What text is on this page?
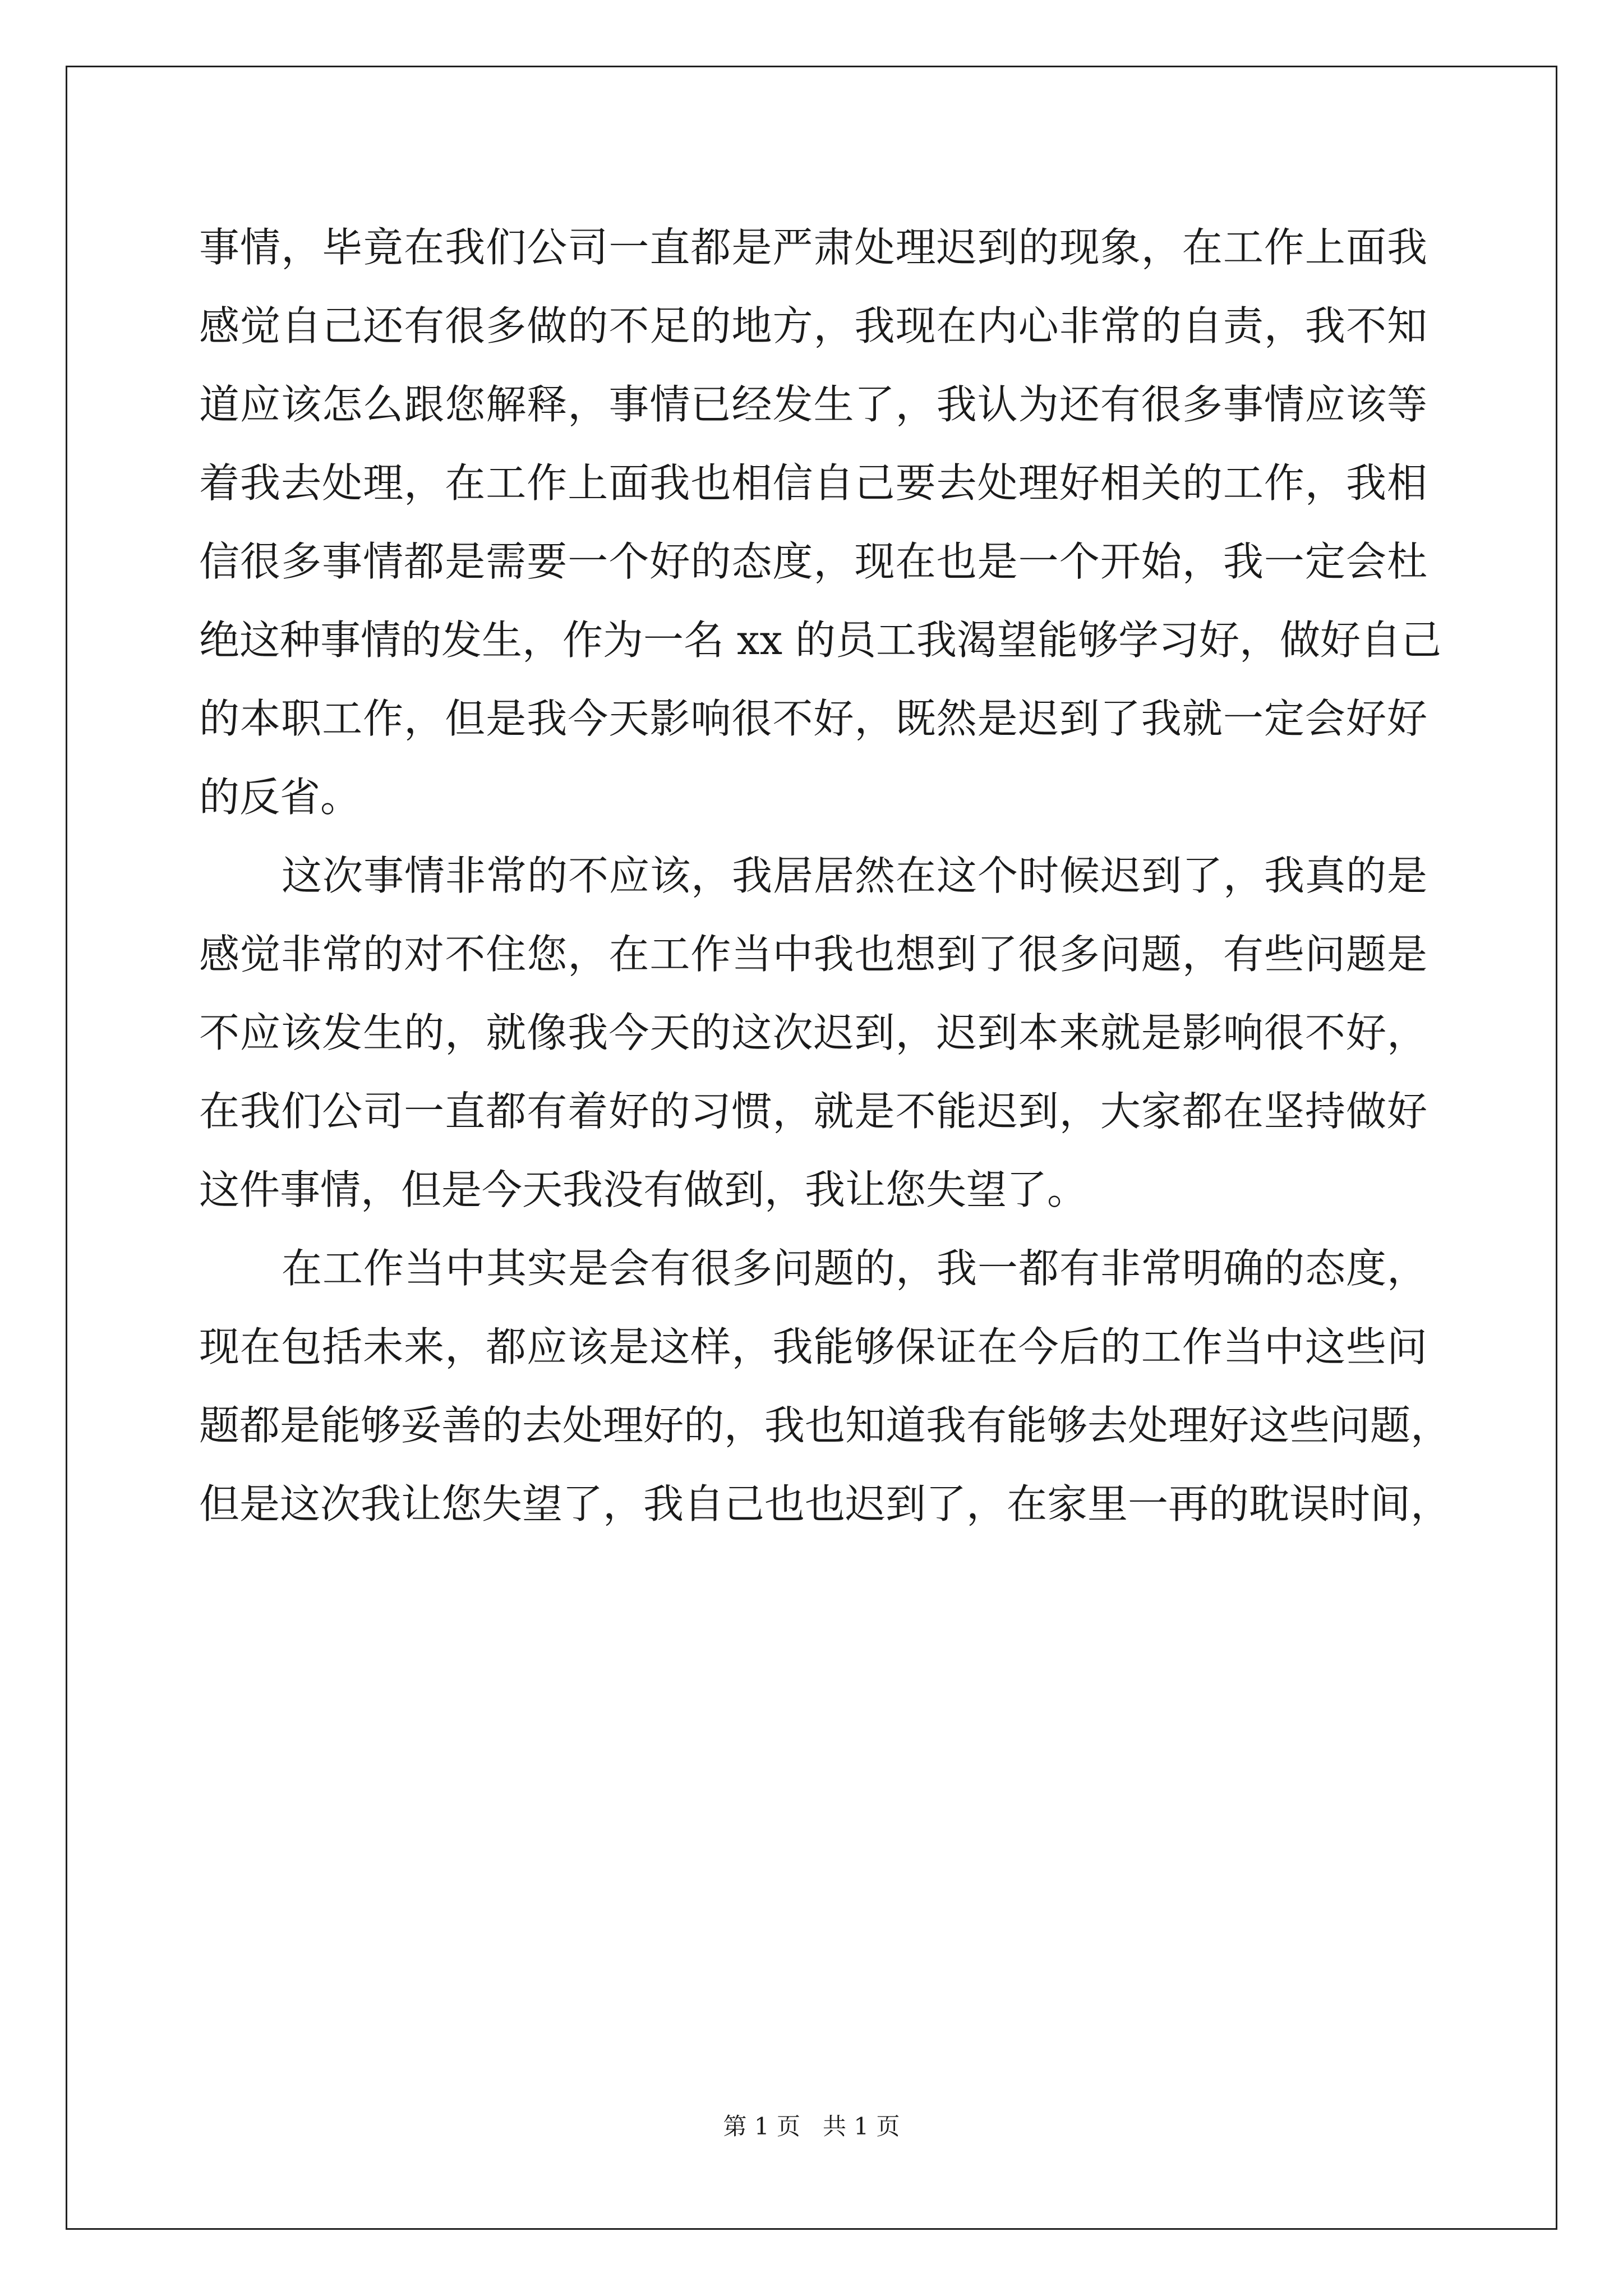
事情，毕竟在我们公司一直都是严肃处理迟到的现象，在工作上面我
感觉自己还有很多做的不足的地方，我现在内心非常的自责，我不知
道应该怎么跟您解释，事情已经发生了，我认为还有很多事情应该等
着我去处理，在工作上面我也相信自己要去处理好相关的工作，我相
信很多事情都是需要一个好的态度，现在也是一个开始，我一定会杜
绝这种事情的发生，作为一名 xx 的员工我渴望能够学习好，做好自己
的本职工作，但是我今天影响很不好，既然是迟到了我就一定会好好
的反省。
这次事情非常的不应该，我居居然在这个时候迟到了，我真的是
感觉非常的对不住您，在工作当中我也想到了很多问题，有些问题是
不应该发生的，就像我今天的这次迟到，迟到本来就是影响很不好，
在我们公司一直都有着好的习惯，就是不能迟到，大家都在坚持做好
这件事情，但是今天我没有做到，我让您失望了。
在工作当中其实是会有很多问题的，我一都有非常明确的态度，
现在包括未来，都应该是这样，我能够保证在今后的工作当中这些问
题都是能够妥善的去处理好的，我也知道我有能够去处理好这些问题，
但是这次我让您失望了，我自己也也迟到了，在家里一再的耽误时间，
第 1 页   共 1 页
